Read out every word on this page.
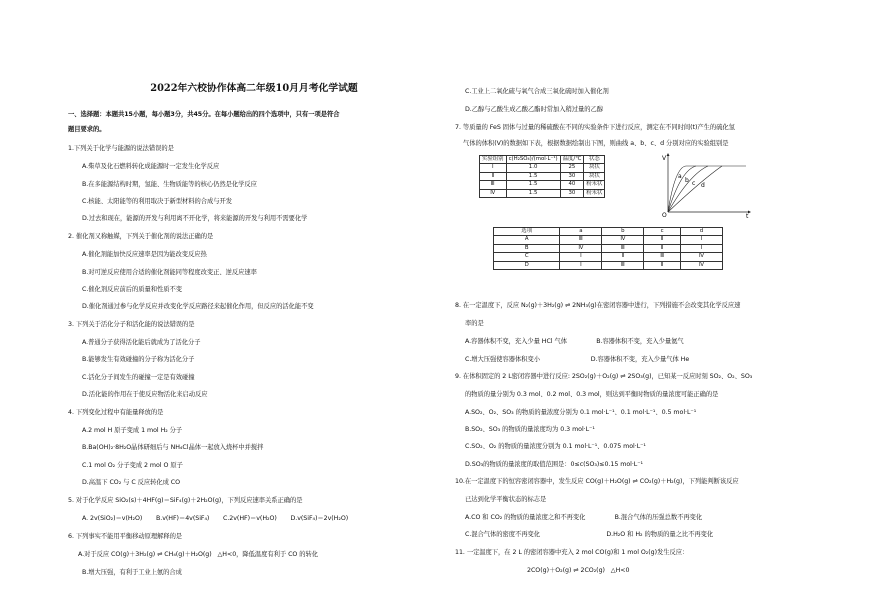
2022年六校协作体高二年级10月月考化学试题
一、选择题：本题共15小题，每小题3分，共45分。在每小题给出的四个选项中，只有一项是符合
题目要求的。
1.下列关于化学与能源的说法错误的是
A.柴草及化石燃料转化成能源时一定发生化学反应
B.在多能源结构时期，氢能、生物质能等的核心仍然是化学反应
C.核能、太阳能等的利用取决于新型材料的合成与开发
D.过去和现在，能源的开发与利用离不开化学，将来能源的开发与利用不需要化学
2. 催化剂又称触媒，下列关于催化剂的说法正确的是
A.催化剂能加快反应速率是因为能改变反应热
B.对可逆反应使用合适的催化剂能同等程度改变正、逆反应速率
C.催化剂反应前后的质量和性质不变
D.催化剂通过参与化学反应并改变化学反应路径来起催化作用，但反应的活化能不变
3. 下列关于活化分子和活化能的说法错误的是
A.普通分子获得活化能后就成为了活化分子
B.能够发生有效碰撞的分子称为活化分子
C.活化分子间发生的碰撞一定是有效碰撞
D.活化能的作用在于使反应物活化来启动反应
4. 下列变化过程中有能量释放的是
A.2 mol H 原子变成 1 mol H₂ 分子
B.Ba(OH)₂·8H₂O晶体研细后与 NH₄Cl晶体一起放入烧杯中并搅拌
C.1 mol O₂ 分子变成 2 mol O 原子
D.高温下 CO₂ 与 C 反应转化成 CO
5. 对于化学反应 SiO₂(s)＋4HF(g)＝SiF₄(g)＋2H₂O(g)，下列反应速率关系正确的是
A. 2v(SiO₂)＝v(H₂O)       B.v(HF)＝4v(SiF₄)       C.2v(HF)＝v(H₂O)       D.v(SiF₄)＝2v(H₂O)
6. 下列事实不能用平衡移动原理解释的是
A.对于反应 CO(g)＋3H₂(g) ⇌ CH₄(g)＋H₂O(g)   △H<0，降低温度有利于 CO 的转化
B.增大压强，有利于工业上氨的合成
C.工业上二氧化硫与氧气合成三氧化硫时加入催化剂
D.乙醇与乙酸生成乙酸乙酯时常加入稍过量的乙醇
7. 等质量的 FeS 固体与过量的稀硫酸在不同的实验条件下进行反应，测定在不同时间(t)产生的硫化氢
气体的体积(V)的数据如下表，根据数据绘制出下图，则曲线 a、b、c、d 分别对应的实验组别是
实验组别	c(H₂SO₄)/(mol·L⁻¹)	温度/℃	状态
Ⅰ	1.0	25	块状
Ⅱ	1.5	30	块状
Ⅲ	1.5	40	粉末状
Ⅳ	1.5	30	粉末状
V
t
O
a
b c d
选项	a	b	c	d
A	Ⅲ	Ⅳ	Ⅱ	Ⅰ
B	Ⅳ	Ⅲ	Ⅱ	Ⅰ
C	Ⅰ	Ⅱ	Ⅲ	Ⅳ
D	Ⅰ	Ⅲ	Ⅱ	Ⅳ
8. 在一定温度下，反应 N₂(g)＋3H₂(g) ⇌ 2NH₃(g)在密闭容器中进行，下列措施不会改变其化学反应速
率的是
A.容器体积不变，充入少量 HCl 气体               B.容器体积不变，充入少量氦气
C.增大压强使容器体积变小                          D.容器体积不变，充入少量气体 He
9. 在体积固定的 2 L密闭容器中进行反应: 2SO₂(g)＋O₂(g) ⇌ 2SO₃(g)，已知某一反应时刻 SO₂、O₂、SO₃
的物质的量分别为 0.3 mol、0.2 mol、0.3 mol，则达到平衡时物质的量浓度可能正确的是
A.SO₂、O₂、SO₃ 的物质的量浓度分别为 0.1 mol·L⁻¹、0.1 mol·L⁻¹、0.5 mol·L⁻¹
B.SO₂、SO₃ 的物质的量浓度均为 0.3 mol·L⁻¹
C.SO₂、O₂ 的物质的量浓度分别为 0.1 mol·L⁻¹、0.075 mol·L⁻¹
D.SO₃的物质的量浓度的取值范围是：0≤c(SO₃)≤0.15 mol·L⁻¹
10.在一定温度下的恒容密闭容器中，发生反应 CO(g)＋H₂O(g) ⇌ CO₂(g)＋H₂(g)，下列能判断该反应
已达到化学平衡状态的标志是
A.CO 和 CO₂ 的物质的量浓度之和不再变化               B.混合气体的压强总数不再变化
C.混合气体的密度不再变化                                  D.H₂O 和 H₂ 的物质的量之比不再变化
11. 一定温度下，在 2 L 的密闭容器中充入 2 mol CO(g)和 1 mol O₂(g)发生反应：
2CO(g)＋O₂(g) ⇌ 2CO₂(g)   △H<0
